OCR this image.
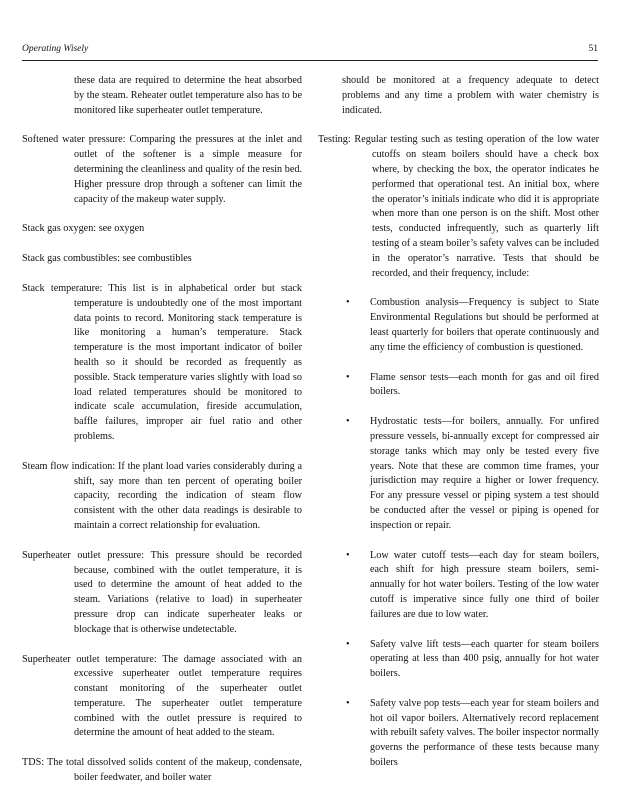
Operating Wisely	51

these data are required to determine the heat absorbed by the steam. Reheater outlet temperature also has to be monitored like superheater outlet temperature.

Softened water pressure: Comparing the pressures at the inlet and outlet of the softener is a simple measure for determining the cleanliness and quality of the resin bed. Higher pressure drop through a softener can limit the capacity of the makeup water supply.

Stack gas oxygen: see oxygen

Stack gas combustibles: see combustibles

Stack temperature: This list is in alphabetical order but stack temperature is undoubtedly one of the most important data points to record. Monitoring stack temperature is like monitoring a human’s temperature. Stack temperature is the most important indicator of boiler health so it should be recorded as frequently as possible. Stack temperature varies slightly with load so load related temperatures should be monitored to indicate scale accumulation, fireside accumulation, baffle failures, improper air fuel ratio and other problems.

Steam flow indication: If the plant load varies considerably during a shift, say more than ten percent of operating boiler capacity, recording the indication of steam flow consistent with the other data readings is desirable to maintain a correct relationship for evaluation.

Superheater outlet pressure: This pressure should be recorded because, combined with the outlet temperature, it is used to determine the amount of heat added to the steam. Variations (relative to load) in superheater pressure drop can indicate superheater leaks or blockage that is otherwise undetectable.

Superheater outlet temperature: The damage associated with an excessive superheater outlet temperature requires constant monitoring of the superheater outlet temperature. The superheater outlet temperature combined with the outlet pressure is required to determine the amount of heat added to the steam.

TDS: The total dissolved solids content of the makeup, condensate, boiler feedwater, and boiler water

should be monitored at a frequency adequate to detect problems and any time a problem with water chemistry is indicated.

Testing: Regular testing such as testing operation of the low water cutoffs on steam boilers should have a check box where, by checking the box, the operator indicates he performed that operational test. An initial box, where the operator’s initials indicate who did it is appropriate when more than one person is on the shift. Most other tests, conducted infrequently, such as quarterly lift testing of a steam boiler’s safety valves can be included in the operator’s narrative. Tests that should be recorded, and their frequency, include:

• Combustion analysis—Frequency is subject to State Environmental Regulations but should be performed at least quarterly for boilers that operate continuously and any time the efficiency of combustion is questioned.
• Flame sensor tests—each month for gas and oil fired boilers.
• Hydrostatic tests—for boilers, annually. For unfired pressure vessels, bi-annually except for compressed air storage tanks which may only be tested every five years. Note that these are common time frames, your jurisdiction may require a higher or lower frequency. For any pressure vessel or piping system a test should be conducted after the vessel or piping is opened for inspection or repair.
• Low water cutoff tests—each day for steam boilers, each shift for high pressure steam boilers, semi-annually for hot water boilers. Testing of the low water cutoff is imperative since fully one third of boiler failures are due to low water.
• Safety valve lift tests—each quarter for steam boilers operating at less than 400 psig, annually for hot water boilers.
• Safety valve pop tests—each year for steam boilers and hot oil vapor boilers. Alternatively record replacement with rebuilt safety valves. The boiler inspector normally governs the performance of these tests because many boilers
